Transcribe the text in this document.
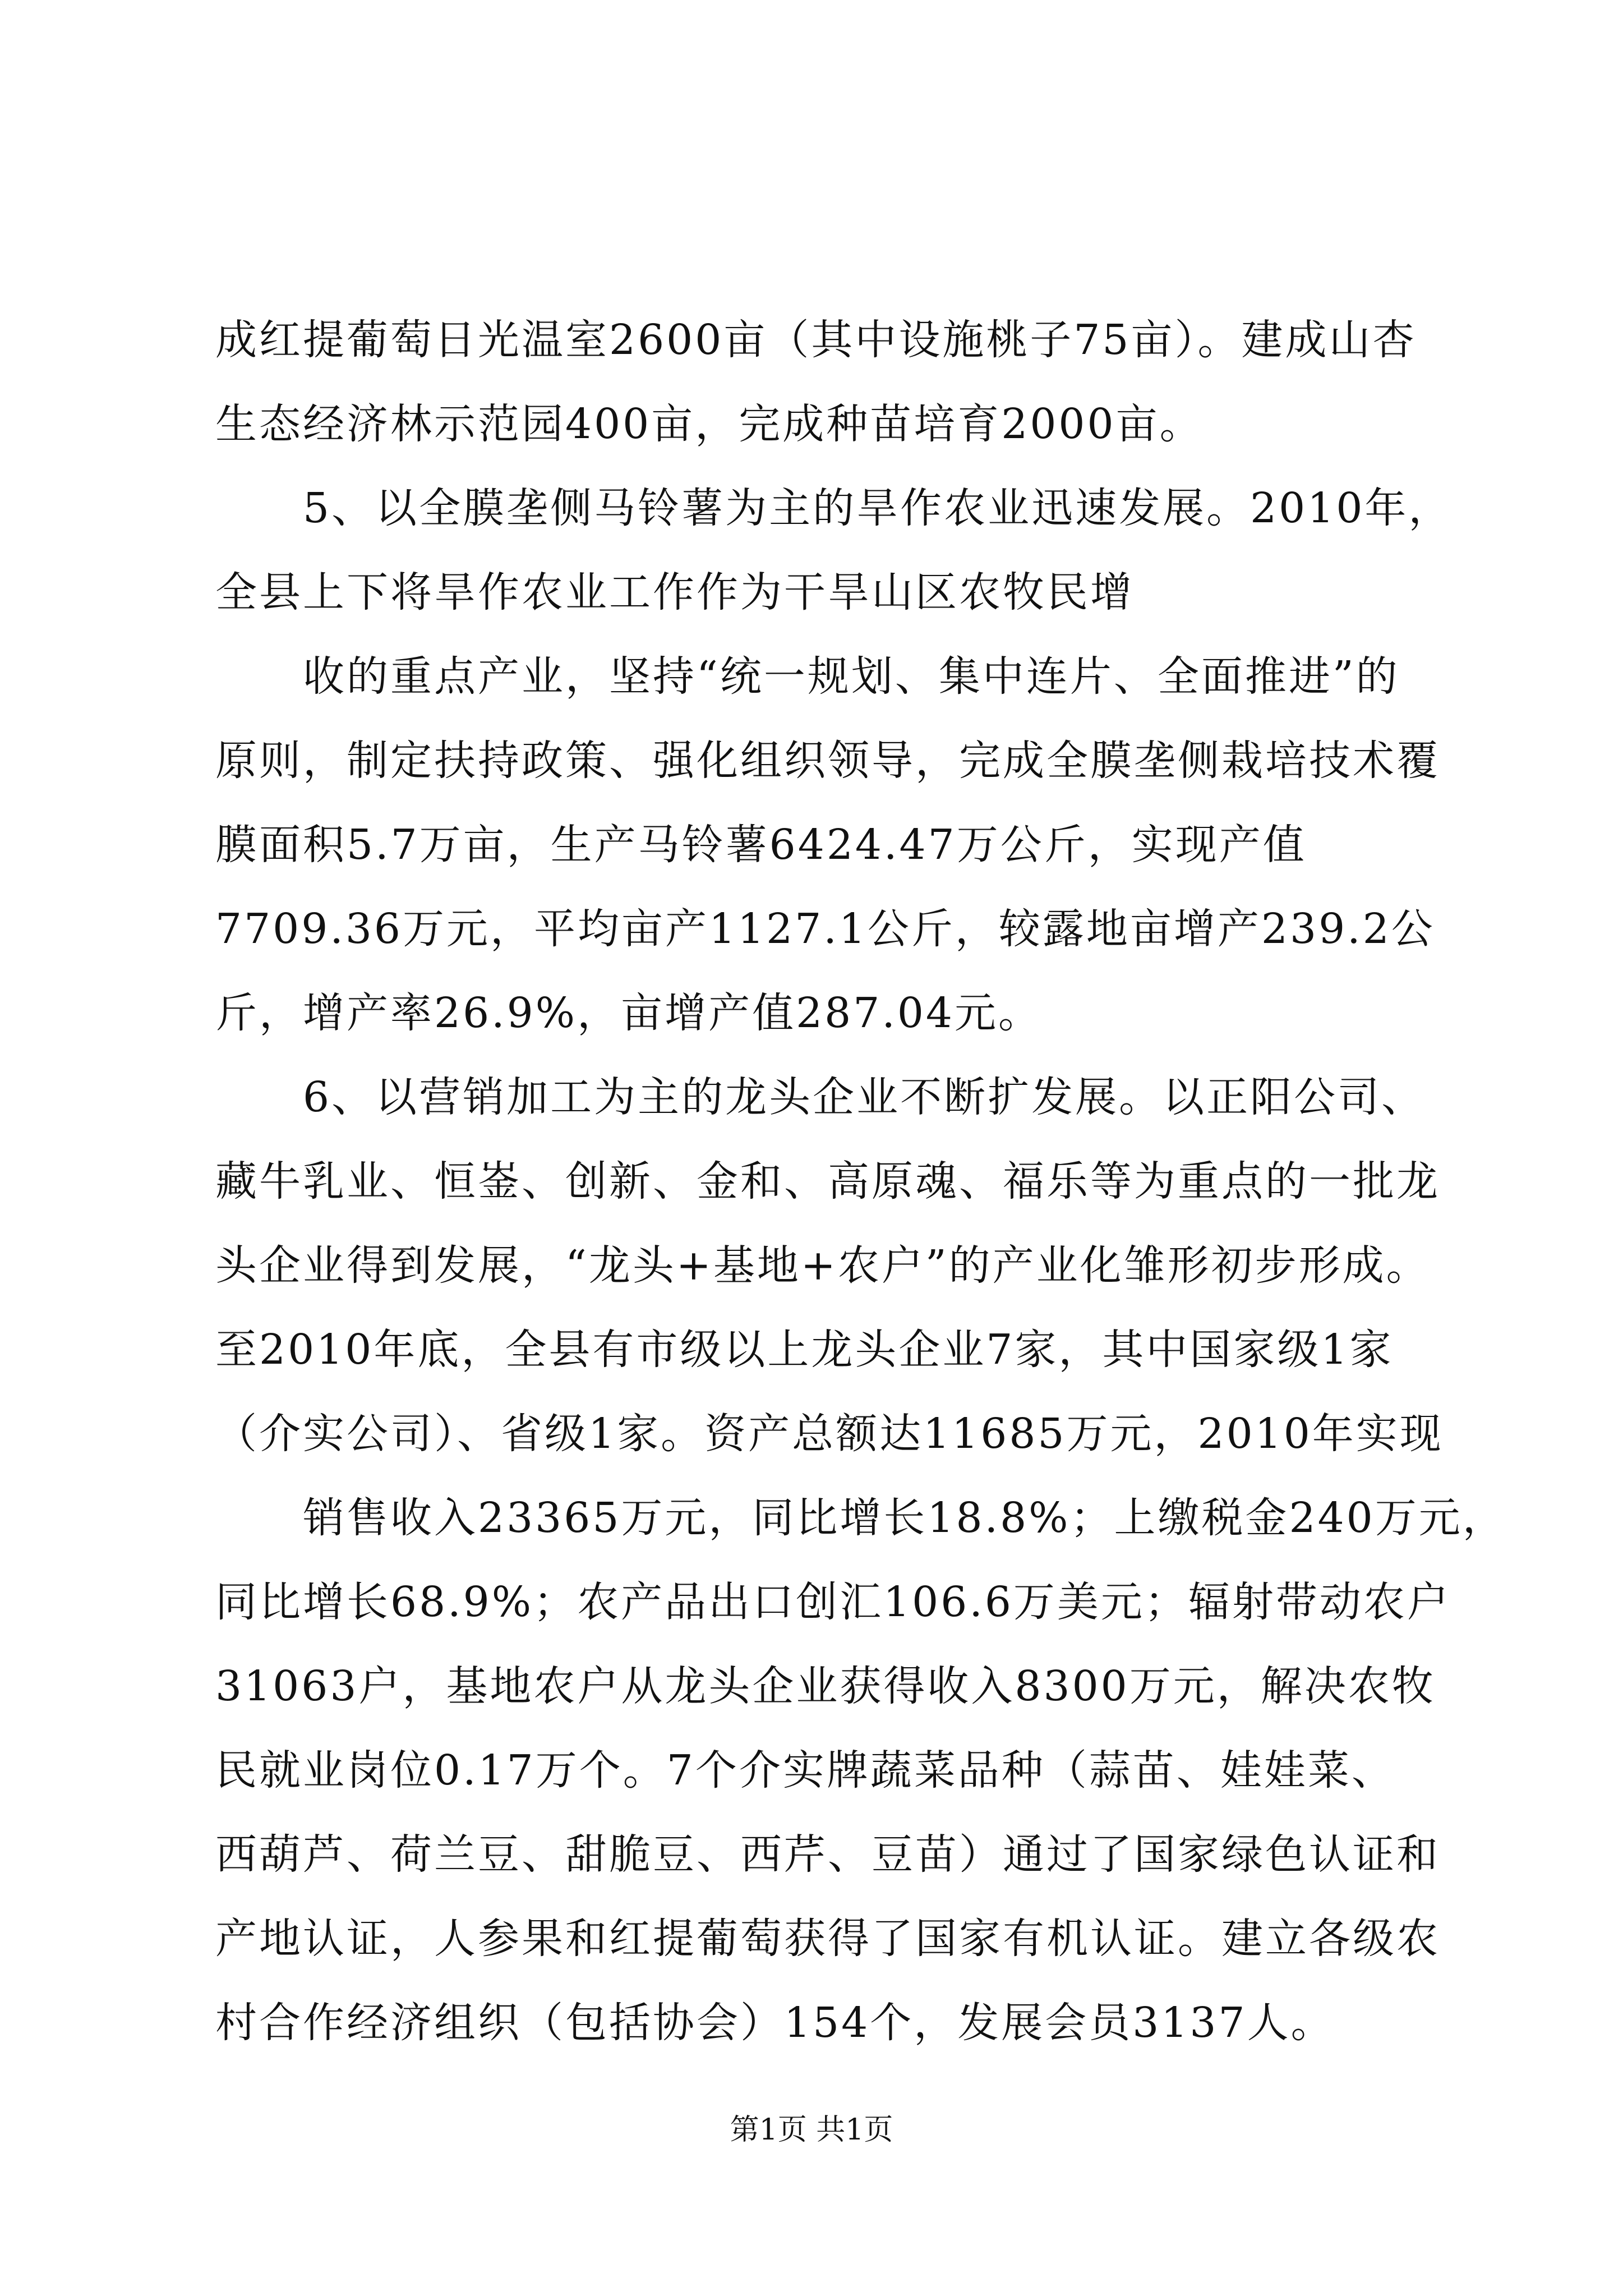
成红提葡萄日光温室2600亩（其中设施桃子75亩）。建成山杏
生态经济林示范园400亩，完成种苗培育2000亩。
5、以全膜垄侧马铃薯为主的旱作农业迅速发展。2010年，
全县上下将旱作农业工作作为干旱山区农牧民增
收的重点产业，坚持“统一规划、集中连片、全面推进”的
原则，制定扶持政策、强化组织领导，完成全膜垄侧栽培技术覆
膜面积5.7万亩，生产马铃薯6424.47万公斤，实现产值
7709.36万元，平均亩产1127.1公斤，较露地亩增产239.2公
斤，增产率26.9%，亩增产值287.04元。
6、以营销加工为主的龙头企业不断扩发展。以正阳公司、
藏牛乳业、恒崟、创新、金和、高原魂、福乐等为重点的一批龙
头企业得到发展，“龙头+基地+农户”的产业化雏形初步形成。
至2010年底，全县有市级以上龙头企业7家，其中国家级1家
（介实公司）、省级1家。资产总额达11685万元，2010年实现
销售收入23365万元，同比增长18.8%；上缴税金240万元，
同比增长68.9%；农产品出口创汇106.6万美元；辐射带动农户
31063户，基地农户从龙头企业获得收入8300万元，解决农牧
民就业岗位0.17万个。7个介实牌蔬菜品种（蒜苗、娃娃菜、
西葫芦、荷兰豆、甜脆豆、西芹、豆苗）通过了国家绿色认证和
产地认证，人参果和红提葡萄获得了国家有机认证。建立各级农
村合作经济组织（包括协会）154个，发展会员3137人。
第1页 共1页
